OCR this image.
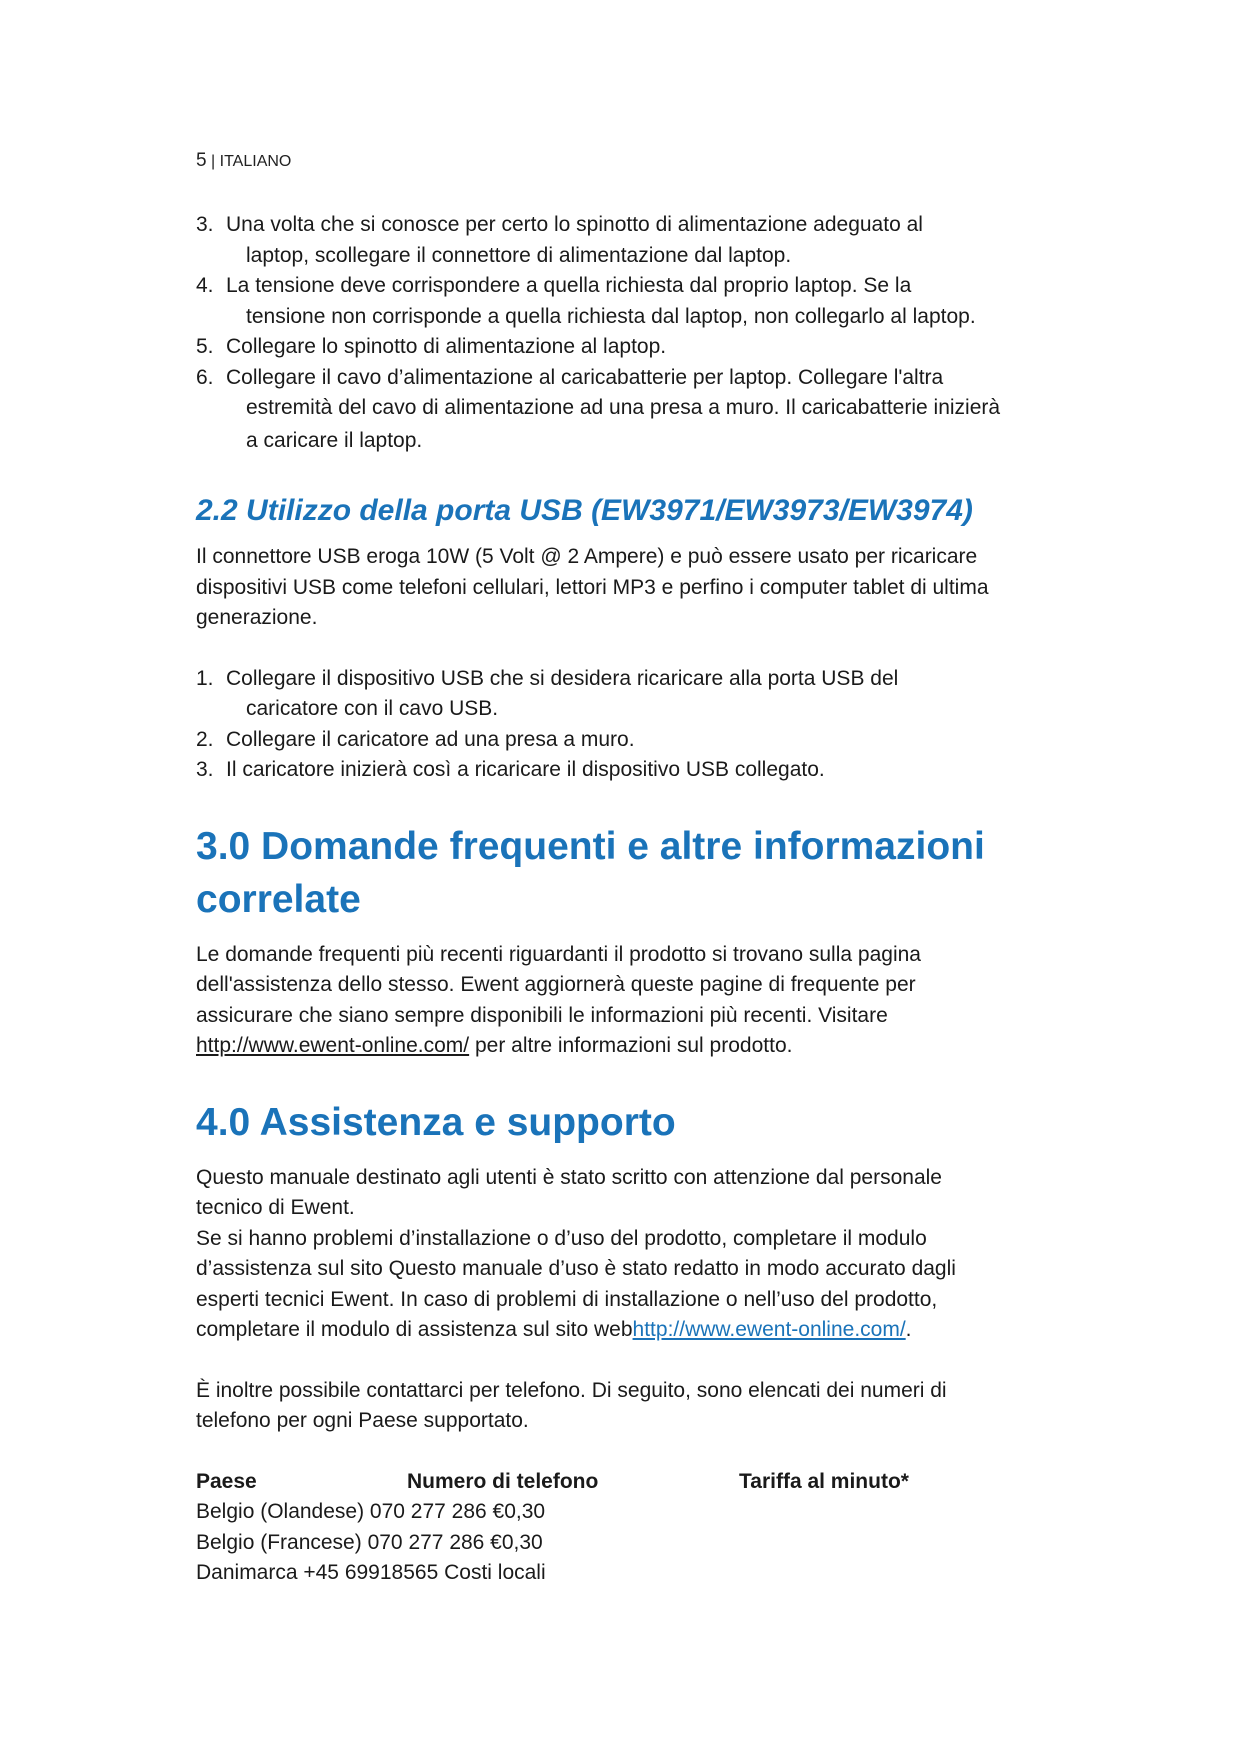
5 | ITALIANO
3. Una volta che si conosce per certo lo spinotto di alimentazione adeguato al
laptop, scollegare il connettore di alimentazione dal laptop.
4. La tensione deve corrispondere a quella richiesta dal proprio laptop. Se la
tensione non corrisponde a quella richiesta dal laptop, non collegarlo al laptop.
5. Collegare lo spinotto di alimentazione al laptop.
6. Collegare il cavo d’alimentazione al caricabatterie per laptop. Collegare l'altra
estremità del cavo di alimentazione ad una presa a muro. Il caricabatterie inizierà
a caricare il laptop.
2.2 Utilizzo della porta USB (EW3971/EW3973/EW3974)
Il connettore USB eroga 10W (5 Volt @ 2 Ampere) e può essere usato per ricaricare
dispositivi USB come telefoni cellulari, lettori MP3 e perfino i computer tablet di ultima
generazione.
1. Collegare il dispositivo USB che si desidera ricaricare alla porta USB del
caricatore con il cavo USB.
2. Collegare il caricatore ad una presa a muro.
3. Il caricatore inizierà così a ricaricare il dispositivo USB collegato.
3.0 Domande frequenti e altre informazioni
correlate
Le domande frequenti più recenti riguardanti il prodotto si trovano sulla pagina
dell'assistenza dello stesso. Ewent aggiornerà queste pagine di frequente per
assicurare che siano sempre disponibili le informazioni più recenti. Visitare
http://www.ewent-online.com/ per altre informazioni sul prodotto.
4.0 Assistenza e supporto
Questo manuale destinato agli utenti è stato scritto con attenzione dal personale
tecnico di Ewent.
Se si hanno problemi d’installazione o d’uso del prodotto, completare il modulo
d’assistenza sul sito Questo manuale d’uso è stato redatto in modo accurato dagli
esperti tecnici Ewent. In caso di problemi di installazione o nell’uso del prodotto,
completare il modulo di assistenza sul sito webhttp://www.ewent-online.com/.
È inoltre possibile contattarci per telefono. Di seguito, sono elencati dei numeri di
telefono per ogni Paese supportato.
Paese	Numero di telefono	Tariffa al minuto*
Belgio (Olandese) 070 277 286 €0,30
Belgio (Francese) 070 277 286 €0,30
Danimarca +45 69918565 Costi locali
